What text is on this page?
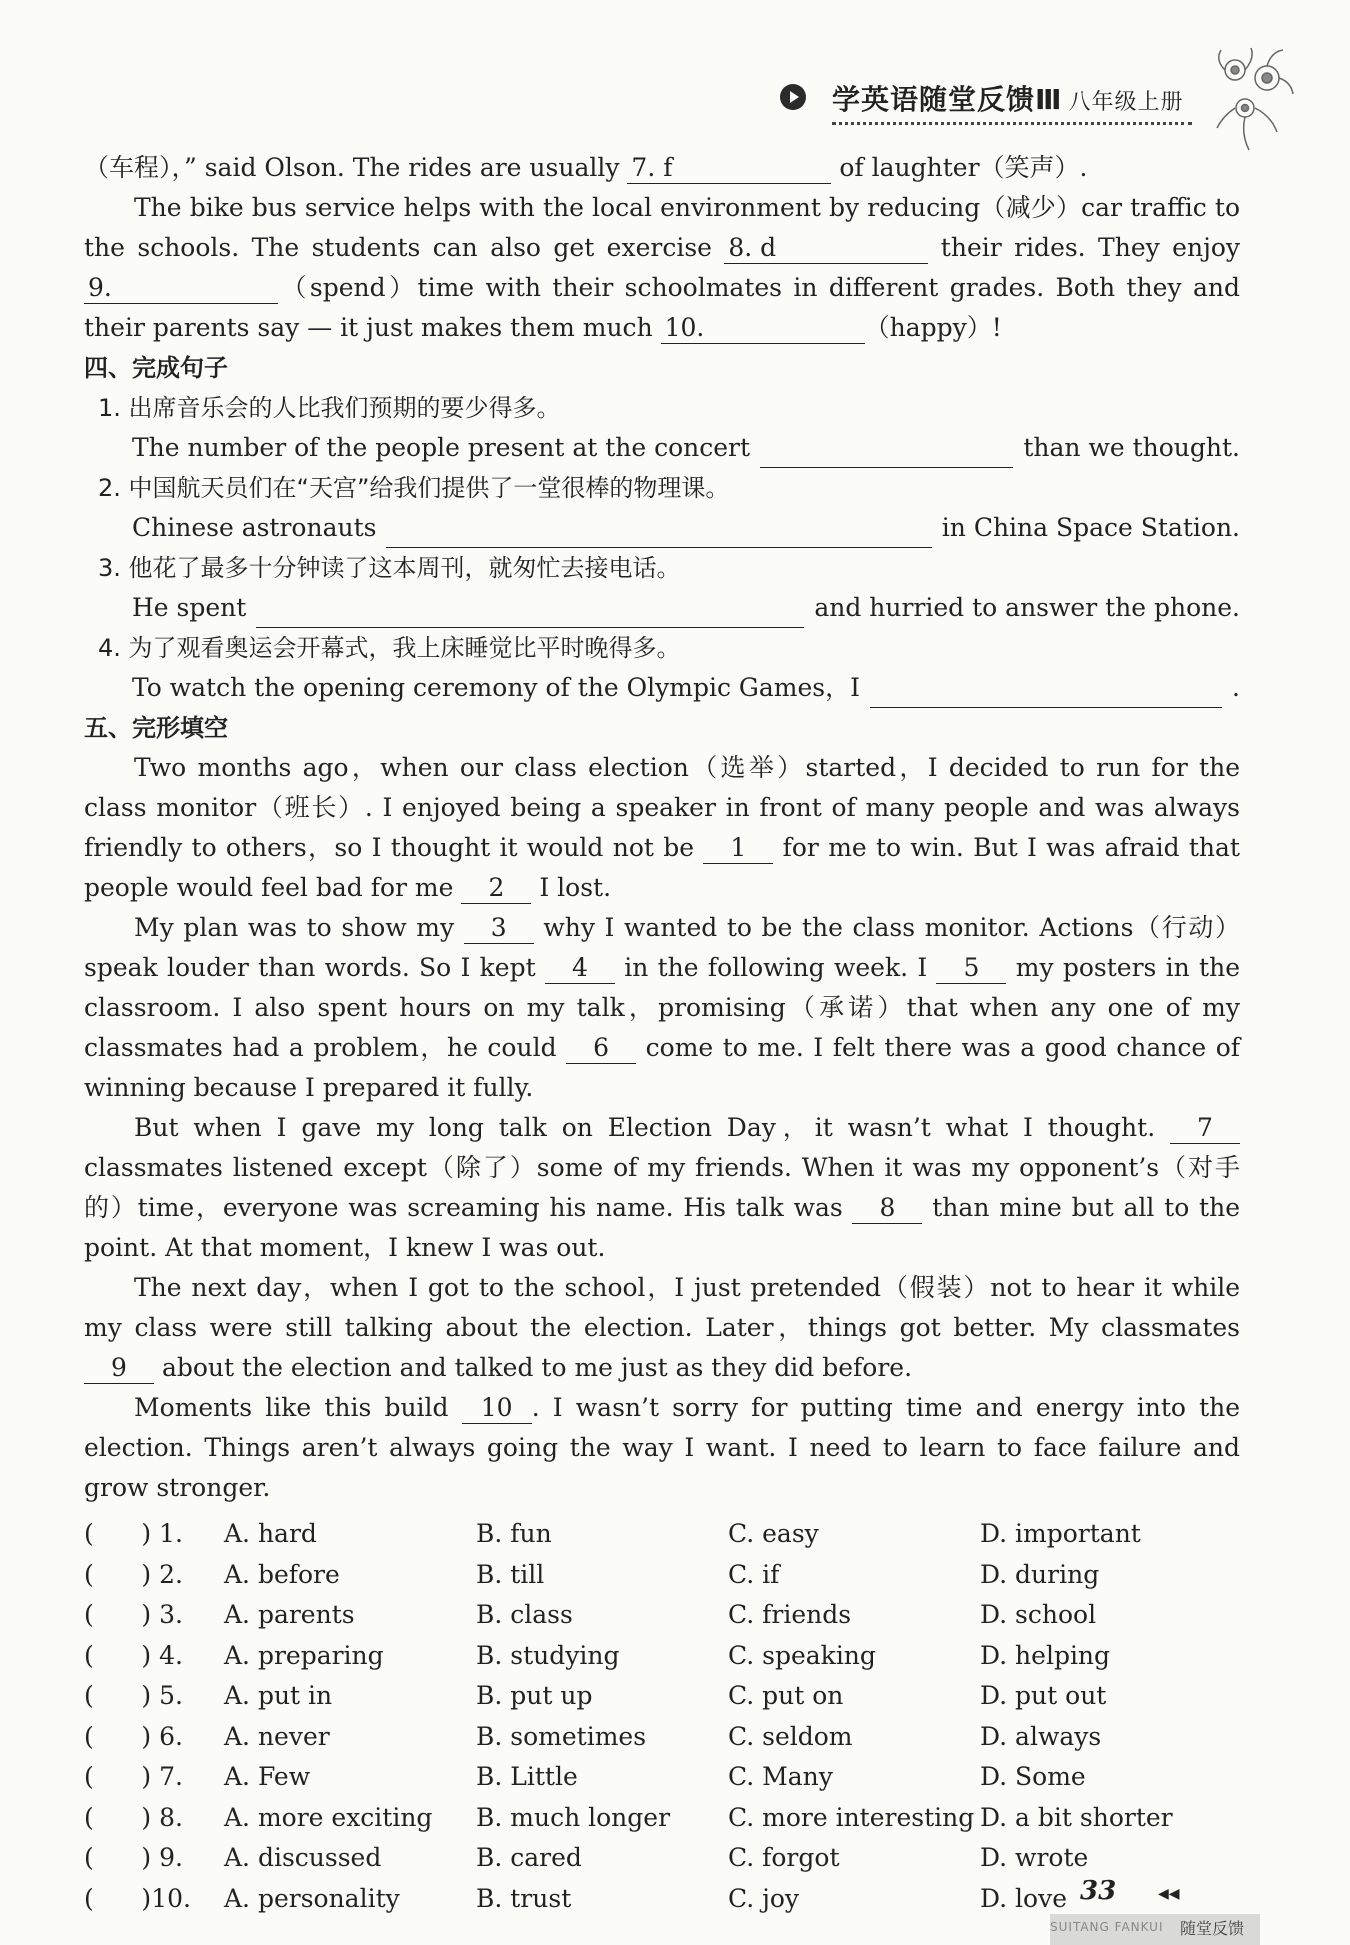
学英语随堂反馈Ⅲ 八年级上册
（车程），” said Olson. The rides are usually 7. f	of laughter（笑声）.
The bike bus service helps with the local environment by reducing（减少）car traffic to the schools. The students can also get exercise 8. d	their rides. They enjoy 9.	（spend）time with their schoolmates in different grades. Both they and their parents say — it just makes them much 10.	（happy）!
四、完成句子
1. 出席音乐会的人比我们预期的要少得多。
The number of the people present at the concert	than we thought.
2. 中国航天员们在“天宫”给我们提供了一堂很棒的物理课。
Chinese astronauts	in China Space Station.
3. 他花了最多十分钟读了这本周刊，就匆忙去接电话。
He spent	and hurried to answer the phone.
4. 为了观看奥运会开幕式，我上床睡觉比平时晚得多。
To watch the opening ceremony of the Olympic Games，I	.
五、完形填空
Two months ago，when our class election（选举）started，I decided to run for the class monitor（班长）. I enjoyed being a speaker in front of many people and was always friendly to others，so I thought it would not be 1 for me to win. But I was afraid that people would feel bad for me 2 I lost.
My plan was to show my 3 why I wanted to be the class monitor. Actions（行动）speak louder than words. So I kept 4 in the following week. I 5 my posters in the classroom. I also spent hours on my talk，promising（承诺）that when any one of my classmates had a problem，he could 6 come to me. I felt there was a good chance of winning because I prepared it fully.
But when I gave my long talk on Election Day，it wasn’t what I thought. 7 classmates listened except（除了）some of my friends. When it was my opponent’s（对手的）time，everyone was screaming his name. His talk was 8 than mine but all to the point. At that moment，I knew I was out.
The next day，when I got to the school，I just pretended（假装）not to hear it while my class were still talking about the election. Later，things got better. My classmates 9 about the election and talked to me just as they did before.
Moments like this build 10 . I wasn’t sorry for putting time and energy into the election. Things aren’t always going the way I want. I need to learn to face failure and grow stronger.
(      ) 1.	A. hard	B. fun	C. easy	D. important
(      ) 2.	A. before	B. till	C. if	D. during
(      ) 3.	A. parents	B. class	C. friends	D. school
(      ) 4.	A. preparing	B. studying	C. speaking	D. helping
(      ) 5.	A. put in	B. put up	C. put on	D. put out
(      ) 6.	A. never	B. sometimes	C. seldom	D. always
(      ) 7.	A. Few	B. Little	C. Many	D. Some
(      ) 8.	A. more exciting	B. much longer	C. more interesting D. a bit shorter
(      ) 9.	A. discussed	B. cared	C. forgot	D. wrote
(      )10.	A. personality	B. trust	C. joy	D. love 33	◀◀
SUITANG FANKUI 随堂反馈
